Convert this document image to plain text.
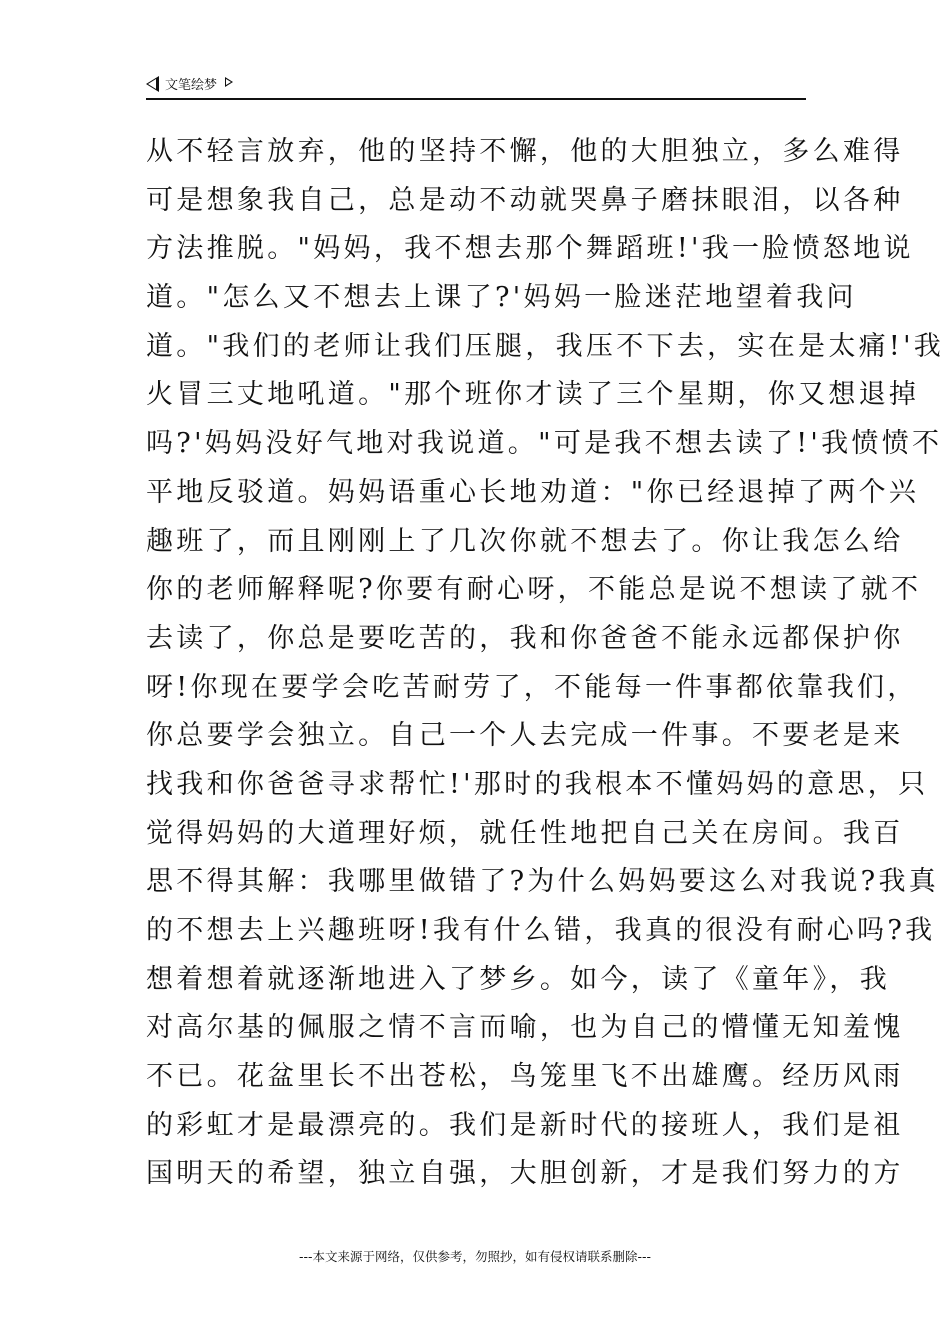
文笔绘梦
从不轻言放弃，他的坚持不懈，他的大胆独立，多么难得
可是想象我自己，总是动不动就哭鼻子磨抹眼泪，以各种
方法推脱。"妈妈，我不想去那个舞蹈班!'我一脸愤怒地说
道。"怎么又不想去上课了?'妈妈一脸迷茫地望着我问
道。"我们的老师让我们压腿，我压不下去，实在是太痛!'我
火冒三丈地吼道。"那个班你才读了三个星期，你又想退掉
吗?'妈妈没好气地对我说道。"可是我不想去读了!'我愤愤不
平地反驳道。妈妈语重心长地劝道："你已经退掉了两个兴
趣班了，而且刚刚上了几次你就不想去了。你让我怎么给
你的老师解释呢?你要有耐心呀，不能总是说不想读了就不
去读了，你总是要吃苦的，我和你爸爸不能永远都保护你
呀!你现在要学会吃苦耐劳了，不能每一件事都依靠我们，
你总要学会独立。自己一个人去完成一件事。不要老是来
找我和你爸爸寻求帮忙!'那时的我根本不懂妈妈的意思，只
觉得妈妈的大道理好烦，就任性地把自己关在房间。我百
思不得其解：我哪里做错了?为什么妈妈要这么对我说?我真
的不想去上兴趣班呀!我有什么错，我真的很没有耐心吗?我
想着想着就逐渐地进入了梦乡。如今，读了《童年》，我
对高尔基的佩服之情不言而喻，也为自己的懵懂无知羞愧
不已。花盆里长不出苍松，鸟笼里飞不出雄鹰。经历风雨
的彩虹才是最漂亮的。我们是新时代的接班人，我们是祖
国明天的希望，独立自强，大胆创新，才是我们努力的方
---本文来源于网络，仅供参考，勿照抄，如有侵权请联系删除---
